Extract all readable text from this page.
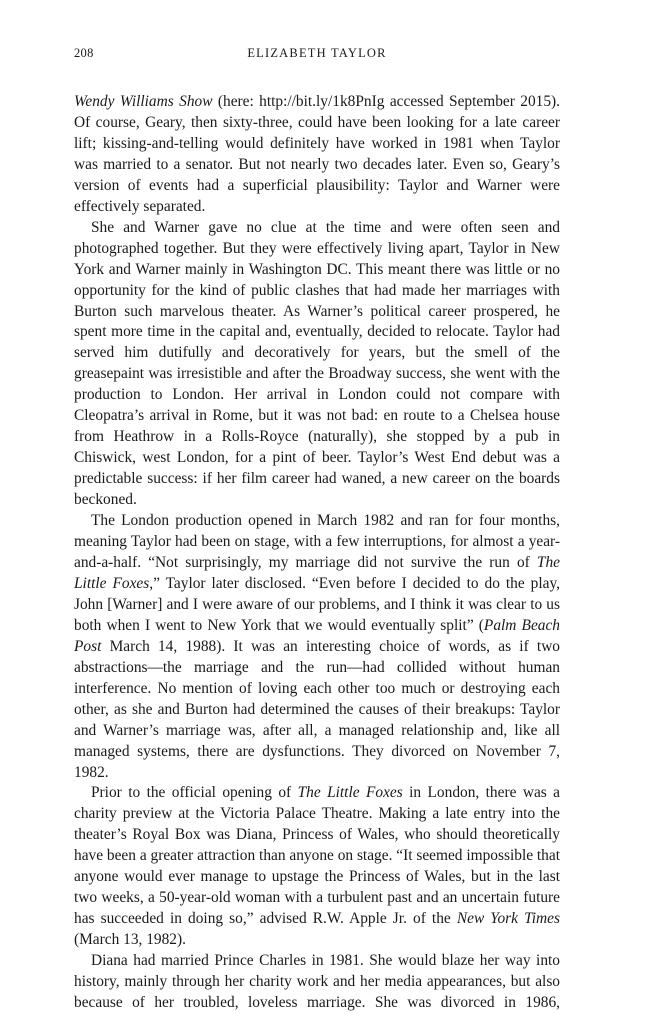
208	ELIZABETH TAYLOR

Wendy Williams Show (here: http://bit.ly/1k8PnIg accessed September 2015). Of course, Geary, then sixty-three, could have been looking for a late career lift; kissing-and-telling would definitely have worked in 1981 when Taylor was married to a senator. But not nearly two decades later. Even so, Geary’s version of events had a superficial plausibility: Taylor and Warner were effectively separated.

She and Warner gave no clue at the time and were often seen and photographed together. But they were effectively living apart, Taylor in New York and Warner mainly in Washington DC. This meant there was little or no opportunity for the kind of public clashes that had made her marriages with Burton such marvelous theater. As Warner’s political career prospered, he spent more time in the capital and, eventually, decided to relocate. Taylor had served him dutifully and decoratively for years, but the smell of the greasepaint was irresistible and after the Broadway success, she went with the production to London. Her arrival in London could not compare with Cleopatra’s arrival in Rome, but it was not bad: en route to a Chelsea house from Heathrow in a Rolls-Royce (naturally), she stopped by a pub in Chiswick, west London, for a pint of beer. Taylor’s West End debut was a predictable success: if her film career had waned, a new career on the boards beckoned.

The London production opened in March 1982 and ran for four months, meaning Taylor had been on stage, with a few interruptions, for almost a year-and-a-half. “Not surprisingly, my marriage did not survive the run of The Little Foxes,” Taylor later disclosed. “Even before I decided to do the play, John [Warner] and I were aware of our problems, and I think it was clear to us both when I went to New York that we would eventually split” (Palm Beach Post March 14, 1988). It was an interesting choice of words, as if two abstractions—the marriage and the run—had collided without human interference. No mention of loving each other too much or destroying each other, as she and Burton had determined the causes of their breakups: Taylor and Warner’s marriage was, after all, a managed relationship and, like all managed systems, there are dysfunctions. They divorced on November 7, 1982.

Prior to the official opening of The Little Foxes in London, there was a charity preview at the Victoria Palace Theatre. Making a late entry into the theater’s Royal Box was Diana, Princess of Wales, who should theoretically have been a greater attraction than anyone on stage. “It seemed impossible that anyone would ever manage to upstage the Princess of Wales, but in the last two weeks, a 50-year-old woman with a turbulent past and an uncertain future has succeeded in doing so,” advised R.W. Apple Jr. of the New York Times (March 13, 1982).

Diana had married Prince Charles in 1981. She would blaze her way into history, mainly through her charity work and her media appearances, but also because of her troubled, loveless marriage. She was divorced in 1986,
